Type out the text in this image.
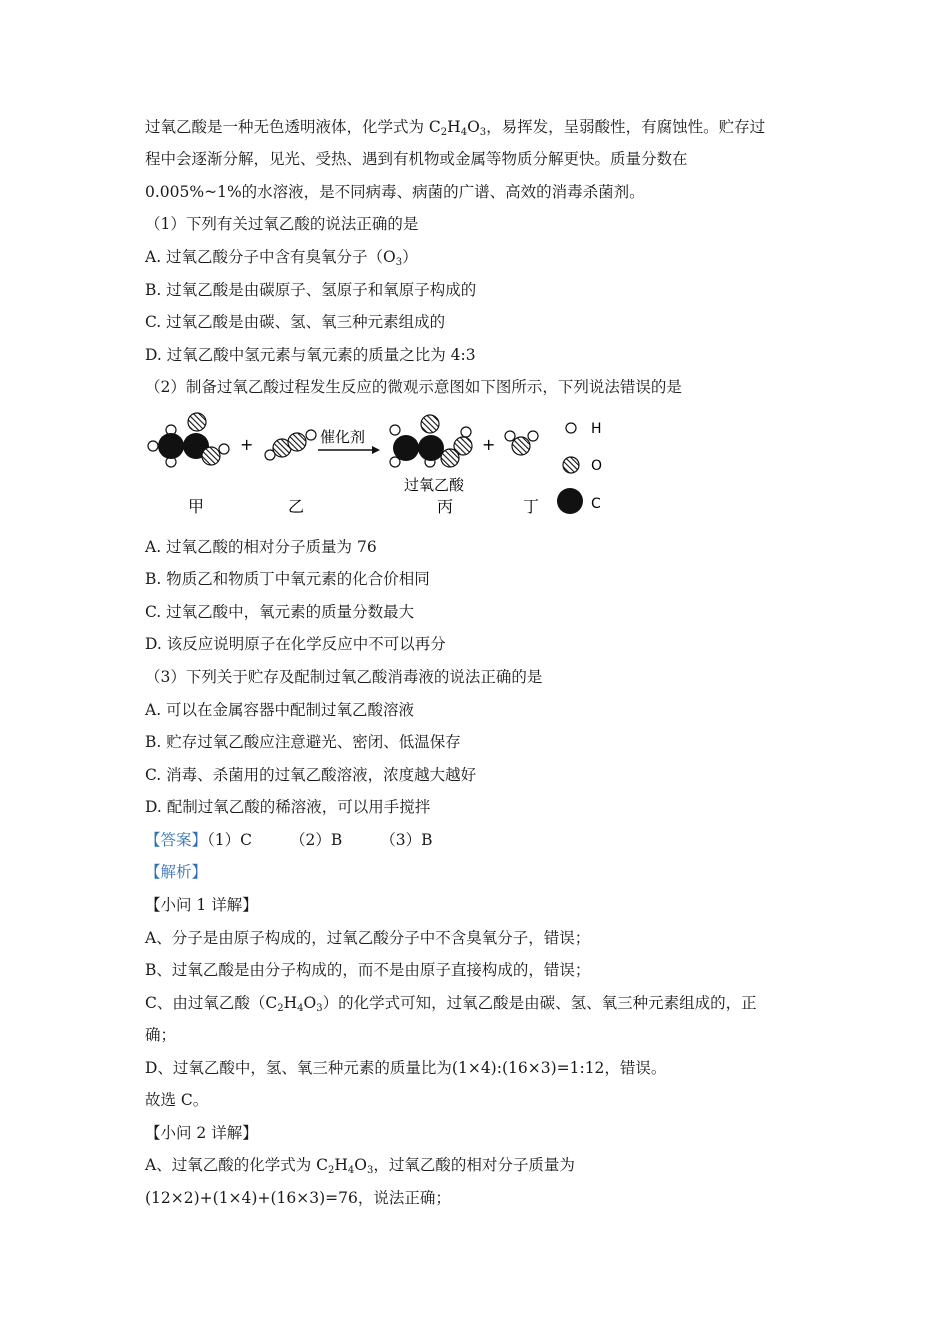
过氧乙酸是一种无色透明液体，化学式为 $C_2H_4O_3$，易挥发，呈弱酸性，有腐蚀性。贮存过
程中会逐渐分解，见光、受热、遇到有机物或金属等物质分解更快。质量分数在
0.005%~1%的水溶液，是不同病毒、病菌的广谱、高效的消毒杀菌剂。
（1）下列有关过氧乙酸的说法正确的是
A. 过氧乙酸分子中含有臭氧分子$(O_3)$
B. 过氧乙酸是由碳原子、氢原子和氧原子构成的
C. 过氧乙酸是由碳、氢、氧三种元素组成的
D. 过氧乙酸中氢元素与氧元素的质量之比为 4:3
（2）制备过氧乙酸过程发生反应的微观示意图如下图所示，下列说法错误的是
+	催化剂
过氧乙酸
+
H
O
C
甲	乙	丙	丁
A. 过氧乙酸的相对分子质量为 76
B. 物质乙和物质丁中氧元素的化合价相同
C. 过氧乙酸中，氧元素的质量分数最大
D. 该反应说明原子在化学反应中不可以再分
（3）下列关于贮存及配制过氧乙酸消毒液的说法正确的是
A. 可以在金属容器中配制过氧乙酸溶液
B. 贮存过氧乙酸应注意避光、密闭、低温保存
C. 消毒、杀菌用的过氧乙酸溶液，浓度越大越好
D. 配制过氧乙酸的稀溶液，可以用手搅拌
【答案】（1）C （2）B （3）B
【解析】
【小问 1 详解】
A、分子是由原子构成的，过氧乙酸分子中不含臭氧分子，错误；
B、过氧乙酸是由分子构成的，而不是由原子直接构成的，错误；
C、由过氧乙酸$(C_2H_4O_3)$的化学式可知，过氧乙酸是由碳、氢、氧三种元素组成的，正
确；
D、过氧乙酸中，氢、氧三种元素的质量比为(1×4):(16×3)=1:12，错误。
故选 C。
【小问 2 详解】
A、过氧乙酸的化学式为 $C_2H_4O_3$，过氧乙酸的相对分子质量为
(12×2)+(1×4)+(16×3)=76，说法正确；
